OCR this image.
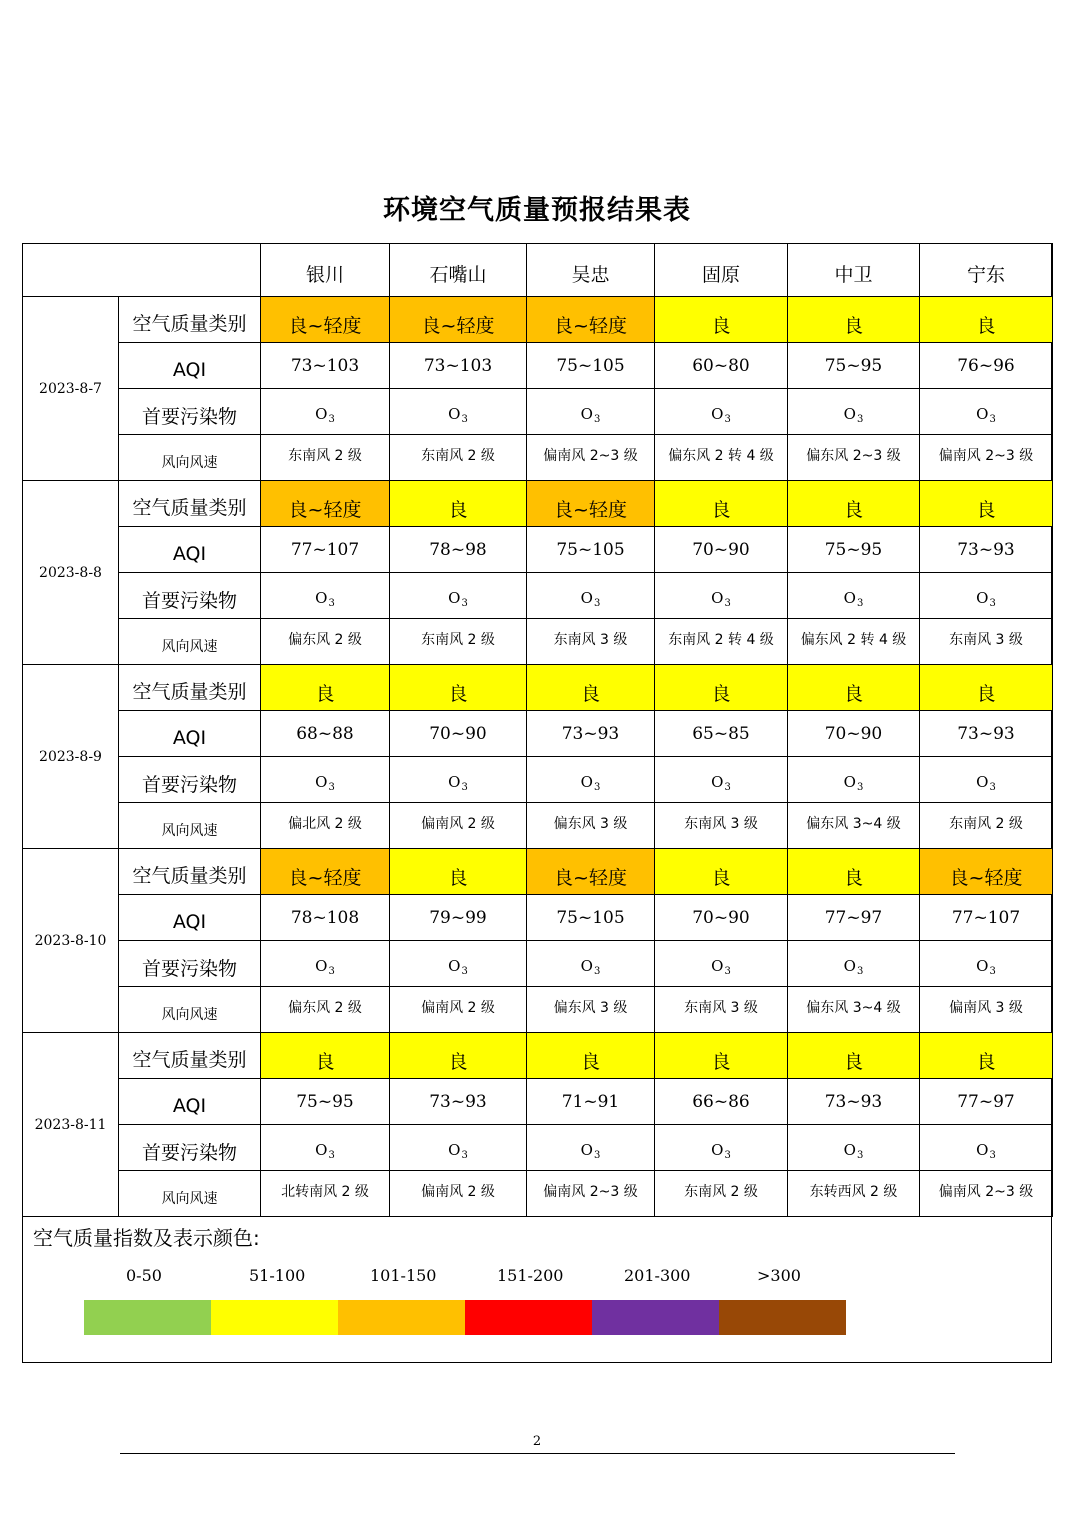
环境空气质量预报结果表
		银川	石嘴山	吴忠	固原	中卫	宁东
2023-8-7	空气质量类别	良~轻度	良~轻度	良~轻度	良	良	良
	AQI	73~103	73~103	75~105	60~80	75~95	76~96
	首要污染物	$O_3$	$O_3$	$O_3$	$O_3$	$O_3$	$O_3$
	风向风速	东南风 2 级	东南风 2 级	偏南风 2~3 级	偏东风 2 转 4 级	偏东风 2~3 级	偏南风 2~3 级
2023-8-8	空气质量类别	良~轻度	良	良~轻度	良	良	良
	AQI	77~107	78~98	75~105	70~90	75~95	73~93
	首要污染物	$O_3$	$O_3$	$O_3$	$O_3$	$O_3$	$O_3$
	风向风速	偏东风 2 级	东南风 2 级	东南风 3 级	东南风 2 转 4 级	偏东风 2 转 4 级	东南风 3 级
2023-8-9	空气质量类别	良	良	良	良	良	良
	AQI	68~88	70~90	73~93	65~85	70~90	73~93
	首要污染物	$O_3$	$O_3$	$O_3$	$O_3$	$O_3$	$O_3$
	风向风速	偏北风 2 级	偏南风 2 级	偏东风 3 级	东南风 3 级	偏东风 3~4 级	东南风 2 级
2023-8-10	空气质量类别	良~轻度	良	良~轻度	良	良	良~轻度
	AQI	78~108	79~99	75~105	70~90	77~97	77~107
	首要污染物	$O_3$	$O_3$	$O_3$	$O_3$	$O_3$	$O_3$
	风向风速	偏东风 2 级	偏南风 2 级	偏东风 3 级	东南风 3 级	偏东风 3~4 级	偏南风 3 级
2023-8-11	空气质量类别	良	良	良	良	良	良
	AQI	75~95	73~93	71~91	66~86	73~93	77~97
	首要污染物	$O_3$	$O_3$	$O_3$	$O_3$	$O_3$	$O_3$
	风向风速	北转南风 2 级	偏南风 2 级	偏南风 2~3 级	东南风 2 级	东转西风 2 级	偏南风 2~3 级
空气质量指数及表示颜色:
0-50	51-100	101-150	151-200	201-300	>300
2
